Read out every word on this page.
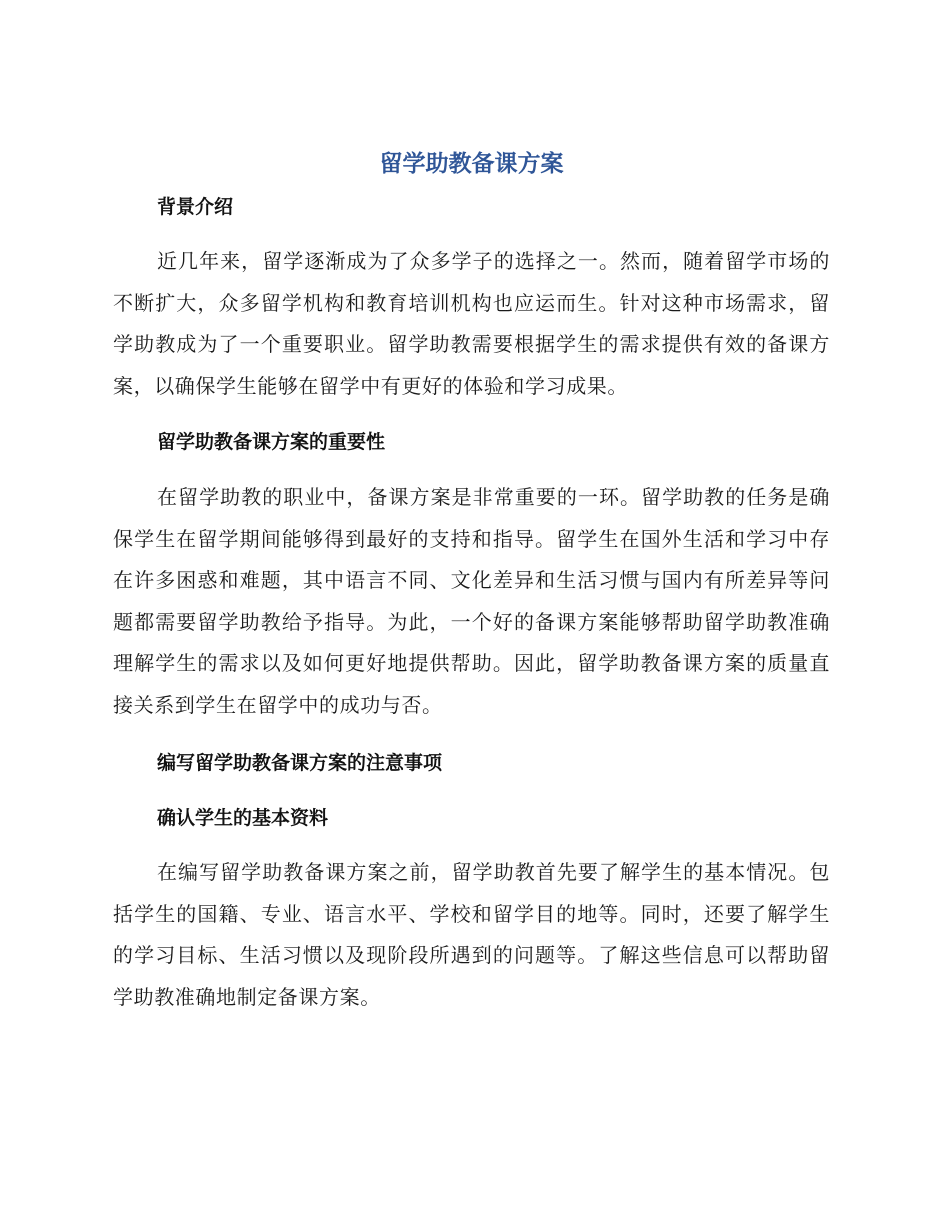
留学助教备课方案
背景介绍

近几年来，留学逐渐成为了众多学子的选择之一。然而，随着留学市场的不断扩大，众多留学机构和教育培训机构也应运而生。针对这种市场需求，留学助教成为了一个重要职业。留学助教需要根据学生的需求提供有效的备课方案，以确保学生能够在留学中有更好的体验和学习成果。

留学助教备课方案的重要性

在留学助教的职业中，备课方案是非常重要的一环。留学助教的任务是确保学生在留学期间能够得到最好的支持和指导。留学生在国外生活和学习中存在许多困惑和难题，其中语言不同、文化差异和生活习惯与国内有所差异等问题都需要留学助教给予指导。为此，一个好的备课方案能够帮助留学助教准确理解学生的需求以及如何更好地提供帮助。因此，留学助教备课方案的质量直接关系到学生在留学中的成功与否。

编写留学助教备课方案的注意事项
确认学生的基本资料

在编写留学助教备课方案之前，留学助教首先要了解学生的基本情况。包括学生的国籍、专业、语言水平、学校和留学目的地等。同时，还要了解学生的学习目标、生活习惯以及现阶段所遇到的问题等。了解这些信息可以帮助留学助教准确地制定备课方案。
